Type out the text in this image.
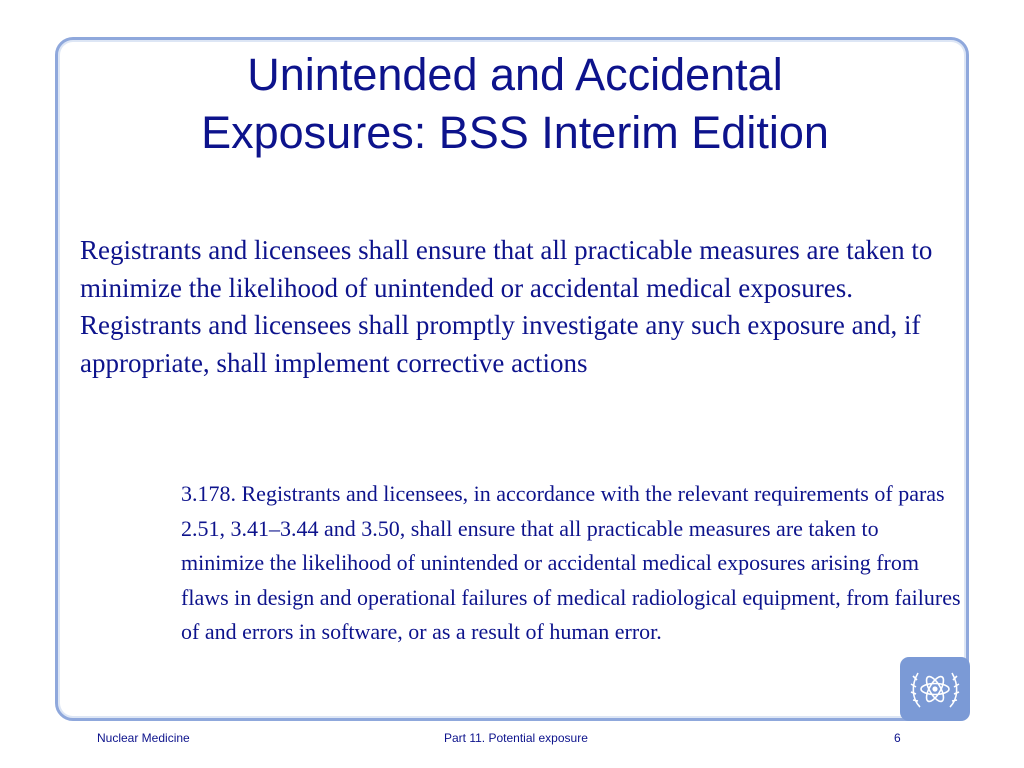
Unintended and Accidental
Exposures: BSS Interim Edition

Registrants and licensees shall ensure that all practicable measures are taken to minimize the likelihood of unintended or accidental medical exposures. Registrants and licensees shall promptly investigate any such exposure and, if appropriate, shall implement corrective actions

3.178. Registrants and licensees, in accordance with the relevant requirements of paras 2.51, 3.41–3.44 and 3.50, shall ensure that all practicable measures are taken to minimize the likelihood of unintended or accidental medical exposures arising from flaws in design and operational failures of medical radiological equipment, from failures of and errors in software, or as a result of human error.

Nuclear Medicine	Part 11. Potential exposure	6
